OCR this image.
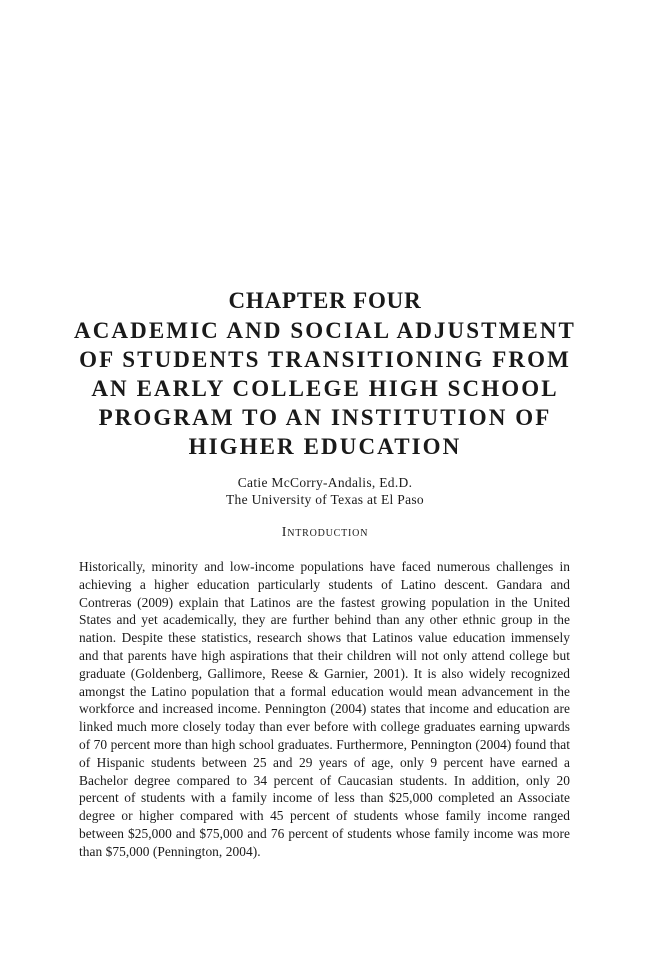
CHAPTER FOUR
ACADEMIC AND SOCIAL ADJUSTMENT OF STUDENTS TRANSITIONING FROM AN EARLY COLLEGE HIGH SCHOOL PROGRAM TO AN INSTITUTION OF HIGHER EDUCATION
Catie McCorry-Andalis, Ed.D.
The University of Texas at El Paso
Introduction

Historically, minority and low-income populations have faced numerous challenges in achieving a higher education particularly students of Latino descent. Gandara and Contreras (2009) explain that Latinos are the fastest growing population in the United States and yet academically, they are further behind than any other ethnic group in the nation. Despite these statistics, research shows that Latinos value education immensely and that parents have high aspirations that their children will not only attend college but graduate (Goldenberg, Gallimore, Reese & Garnier, 2001). It is also widely recognized amongst the Latino population that a formal education would mean advancement in the workforce and increased income. Pennington (2004) states that income and education are linked much more closely today than ever before with college graduates earning upwards of 70 percent more than high school graduates. Furthermore, Pennington (2004) found that of Hispanic students between 25 and 29 years of age, only 9 percent have earned a Bachelor degree compared to 34 percent of Caucasian students. In addition, only 20 percent of students with a family income of less than $25,000 completed an Associate degree or higher compared with 45 percent of students whose family income ranged between $25,000 and $75,000 and 76 percent of students whose family income was more than $75,000 (Pennington, 2004).
